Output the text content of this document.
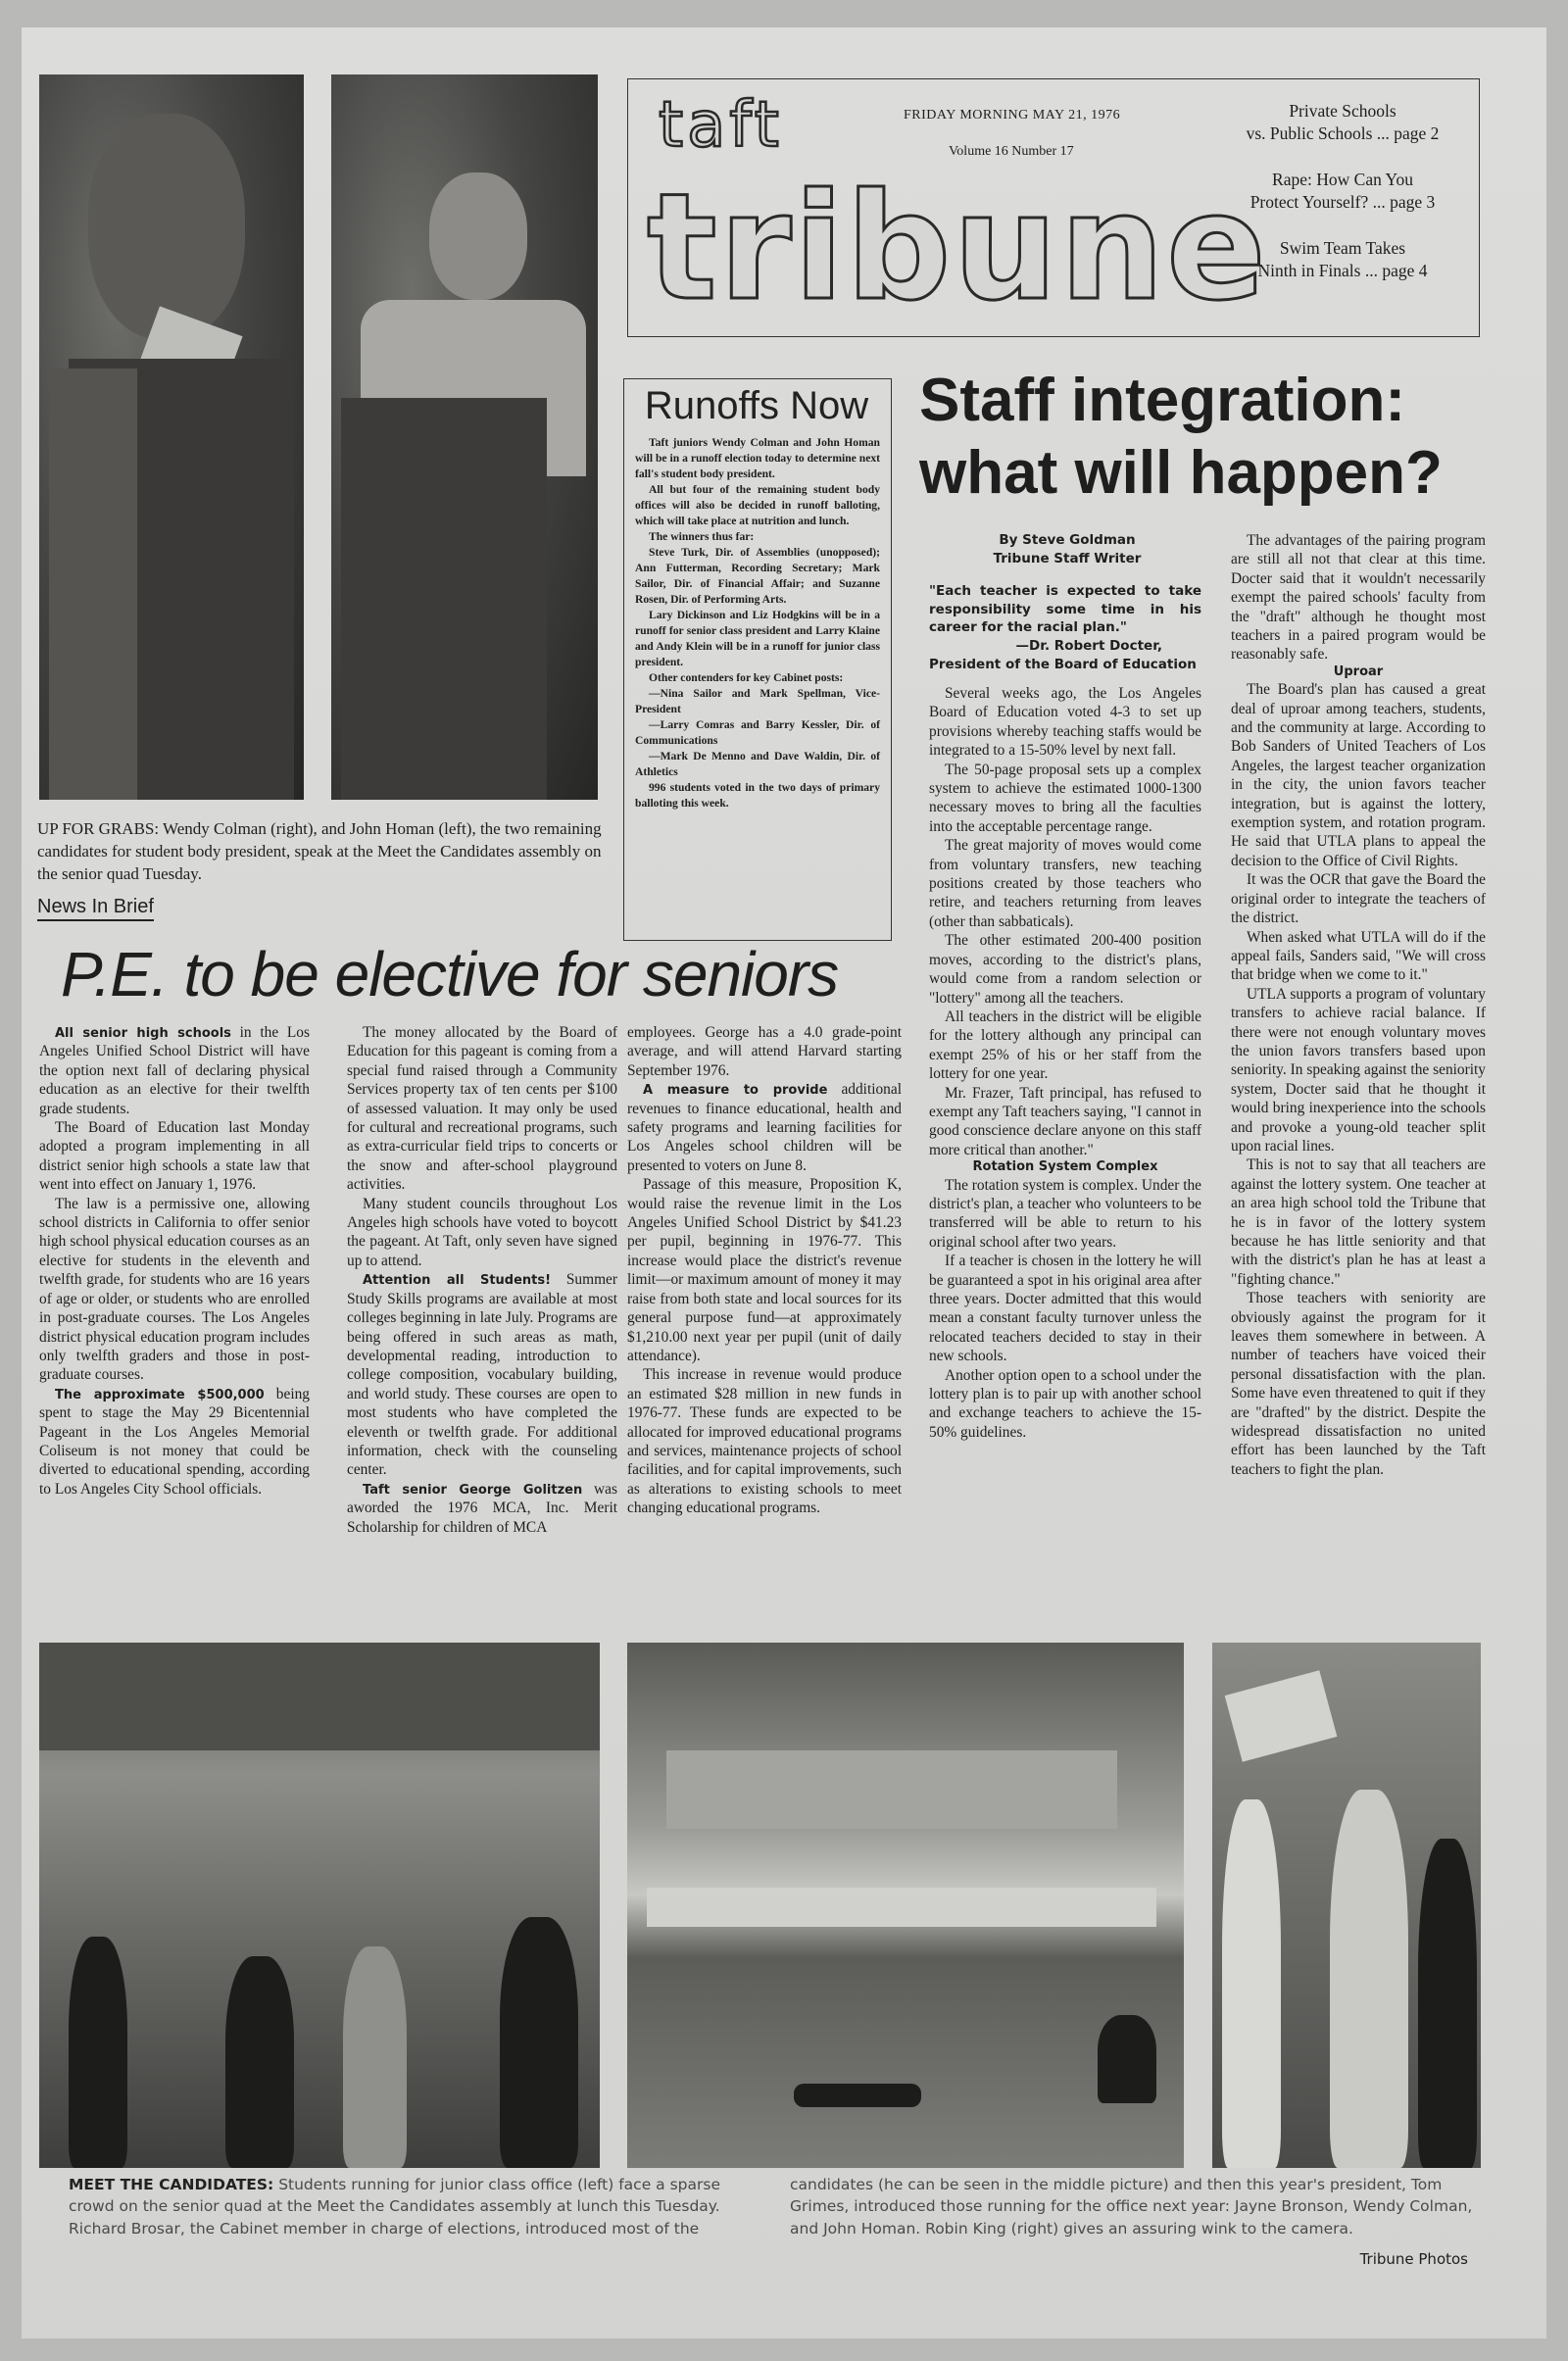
UP FOR GRABS: Wendy Colman (right), and John Homan (left), the two remaining candidates for student body president, speak at the Meet the Candidates assembly on the senior quad Tuesday.
News In Brief
taft
tribune
FRIDAY MORNING MAY 21, 1976
Volume 16 Number 17
Private Schools
vs. Public Schools ... page 2
Rape: How Can You
Protect Yourself? ... page 3
Swim Team Takes
Ninth in Finals ... page 4
Runoffs Now

Taft juniors Wendy Colman and John Homan will be in a runoff election today to determine next fall's student body president.

All but four of the remaining student body offices will also be decided in runoff balloting, which will take place at nutrition and lunch.

The winners thus far:

Steve Turk, Dir. of Assemblies (unopposed); Ann Futterman, Recording Secretary; Mark Sailor, Dir. of Financial Affair; and Suzanne Rosen, Dir. of Performing Arts.

Lary Dickinson and Liz Hodgkins will be in a runoff for senior class president and Larry Klaine and Andy Klein will be in a runoff for junior class president.

Other contenders for key Cabinet posts:

—Nina Sailor and Mark Spellman, Vice-President

—Larry Comras and Barry Kessler, Dir. of Communications

—Mark De Menno and Dave Waldin, Dir. of Athletics

996 students voted in the two days of primary balloting this week.

Staff integration:
what will happen?
By Steve Goldman
Tribune Staff Writer
"Each teacher is expected to take responsibility some time in his career for the racial plan."
—Dr. Robert Docter,
President of the Board of Education

Several weeks ago, the Los Angeles Board of Education voted 4-3 to set up provisions whereby teaching staffs would be integrated to a 15-50% level by next fall.

The 50-page proposal sets up a complex system to achieve the estimated 1000-1300 necessary moves to bring all the faculties into the acceptable percentage range.

The great majority of moves would come from voluntary transfers, new teaching positions created by those teachers who retire, and teachers returning from leaves (other than sabbaticals).

The other estimated 200-400 position moves, according to the district's plans, would come from a random selection or "lottery" among all the teachers.

All teachers in the district will be eligible for the lottery although any principal can exempt 25% of his or her staff from the lottery for one year.

Mr. Frazer, Taft principal, has refused to exempt any Taft teachers saying, "I cannot in good conscience declare anyone on this staff more critical than another."

Rotation System Complex

The rotation system is complex. Under the district's plan, a teacher who volunteers to be transferred will be able to return to his original school after two years.

If a teacher is chosen in the lottery he will be guaranteed a spot in his original area after three years. Docter admitted that this would mean a constant faculty turnover unless the relocated teachers decided to stay in their new schools.

Another option open to a school under the lottery plan is to pair up with another school and exchange teachers to achieve the 15-50% guidelines.

The advantages of the pairing program are still all not that clear at this time. Docter said that it wouldn't necessarily exempt the paired schools' faculty from the "draft" although he thought most teachers in a paired program would be reasonably safe.

Uproar

The Board's plan has caused a great deal of uproar among teachers, students, and the community at large. According to Bob Sanders of United Teachers of Los Angeles, the largest teacher organization in the city, the union favors teacher integration, but is against the lottery, exemption system, and rotation program. He said that UTLA plans to appeal the decision to the Office of Civil Rights.

It was the OCR that gave the Board the original order to integrate the teachers of the district.

When asked what UTLA will do if the appeal fails, Sanders said, "We will cross that bridge when we come to it."

UTLA supports a program of voluntary transfers to achieve racial balance. If there were not enough voluntary moves the union favors transfers based upon seniority. In speaking against the seniority system, Docter said that he thought it would bring inexperience into the schools and provoke a young-old teacher split upon racial lines.

This is not to say that all teachers are against the lottery system. One teacher at an area high school told the Tribune that he is in favor of the lottery system because he has little seniority and that with the district's plan he has at least a "fighting chance."

Those teachers with seniority are obviously against the program for it leaves them somewhere in between. A number of teachers have voiced their personal dissatisfaction with the plan. Some have even threatened to quit if they are "drafted" by the district. Despite the widespread dissatisfaction no united effort has been launched by the Taft teachers to fight the plan.

P.E. to be elective for seniors

All senior high schools in the Los Angeles Unified School District will have the option next fall of declaring physical education as an elective for their twelfth grade students.

The Board of Education last Monday adopted a program implementing in all district senior high schools a state law that went into effect on January 1, 1976.

The law is a permissive one, allowing school districts in California to offer senior high school physical education courses as an elective for students in the eleventh and twelfth grade, for students who are 16 years of age or older, or students who are enrolled in post-graduate courses. The Los Angeles district physical education program includes only twelfth graders and those in post-graduate courses.

The approximate $500,000 being spent to stage the May 29 Bicentennial Pageant in the Los Angeles Memorial Coliseum is not money that could be diverted to educational spending, according to Los Angeles City School officials.

The money allocated by the Board of Education for this pageant is coming from a special fund raised through a Community Services property tax of ten cents per $100 of assessed valuation. It may only be used for cultural and recreational programs, such as extra-curricular field trips to concerts or the snow and after-school playground activities.

Many student councils throughout Los Angeles high schools have voted to boycott the pageant. At Taft, only seven have signed up to attend.

Attention all Students! Summer Study Skills programs are available at most colleges beginning in late July. Programs are being offered in such areas as math, developmental reading, introduction to college composition, vocabulary building, and world study. These courses are open to most students who have completed the eleventh or twelfth grade. For additional information, check with the counseling center.

Taft senior George Golitzen was aworded the 1976 MCA, Inc. Merit Scholarship for children of MCA

employees. George has a 4.0 grade-point average, and will attend Harvard starting September 1976.

A measure to provide additional revenues to finance educational, health and safety programs and learning facilities for Los Angeles school children will be presented to voters on June 8.

Passage of this measure, Proposition K, would raise the revenue limit in the Los Angeles Unified School District by $41.23 per pupil, beginning in 1976-77. This increase would place the district's revenue limit—or maximum amount of money it may raise from both state and local sources for its general purpose fund—at approximately $1,210.00 next year per pupil (unit of daily attendance).

This increase in revenue would produce an estimated $28 million in new funds in 1976-77. These funds are expected to be allocated for improved educational programs and services, maintenance projects of school facilities, and for capital improvements, such as alterations to existing schools to meet changing educational programs.

MEET THE CANDIDATES: Students running for junior class office (left) face a sparse crowd on the senior quad at the Meet the Candidates assembly at lunch this Tuesday. Richard Brosar, the Cabinet member in charge of elections, introduced most of the
candidates (he can be seen in the middle picture) and then this year's president, Tom Grimes, introduced those running for the office next year: Jayne Bronson, Wendy Colman, and John Homan. Robin King (right) gives an assuring wink to the camera.
Tribune Photos
